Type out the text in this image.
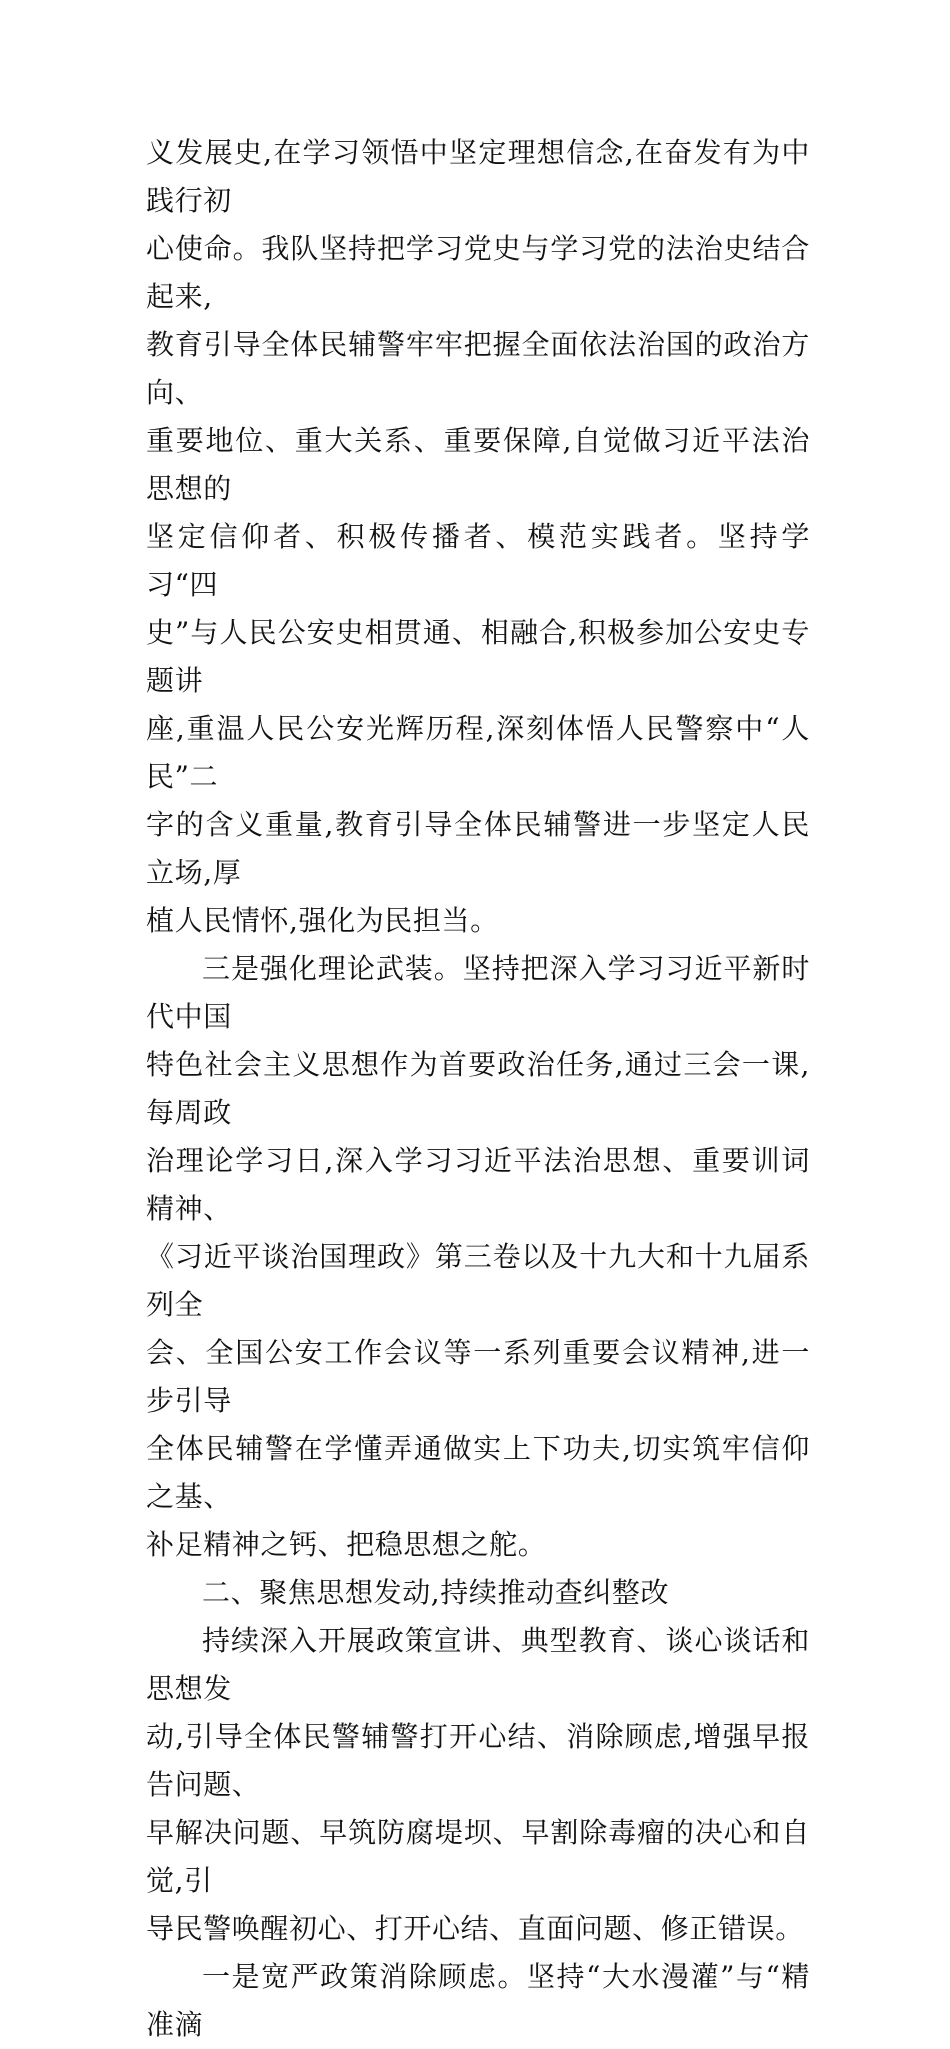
义发展史,在学习领悟中坚定理想信念,在奋发有为中践行初
心使命。我队坚持把学习党史与学习党的法治史结合起来,
教育引导全体民辅警牢牢把握全面依法治国的政治方向、
重要地位、重大关系、重要保障,自觉做习近平法治思想的
坚定信仰者、积极传播者、模范实践者。坚持学习“四
史”与人民公安史相贯通、相融合,积极参加公安史专题讲
座,重温人民公安光辉历程,深刻体悟人民警察中“人民”二
字的含义重量,教育引导全体民辅警进一步坚定人民立场,厚
植人民情怀,强化为民担当。

三是强化理论武装。坚持把深入学习习近平新时代中国
特色社会主义思想作为首要政治任务,通过三会一课,每周政
治理论学习日,深入学习习近平法治思想、重要训词精神、
《习近平谈治国理政》第三卷以及十九大和十九届系列全
会、全国公安工作会议等一系列重要会议精神,进一步引导
全体民辅警在学懂弄通做实上下功夫,切实筑牢信仰之基、
补足精神之钙、把稳思想之舵。

二、聚焦思想发动,持续推动查纠整改

持续深入开展政策宣讲、典型教育、谈心谈话和思想发
动,引导全体民警辅警打开心结、消除顾虑,增强早报告问题、
早解决问题、早筑防腐堤坝、早割除毒瘤的决心和自觉,引
导民警唤醒初心、打开心结、直面问题、修正错误。

一是宽严政策消除顾虑。坚持“大水漫灌”与“精准滴
